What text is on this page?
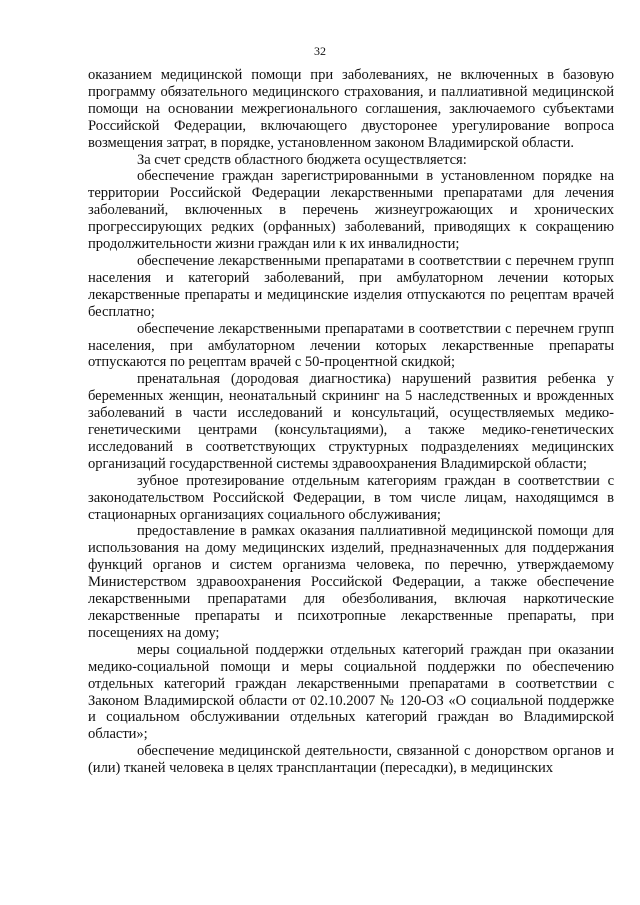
32

оказанием медицинской помощи при заболеваниях, не включенных в базовую программу обязательного медицинского страхования, и паллиативной медицинской помощи на основании межрегионального соглашения, заключаемого субъектами Российской Федерации, включающего двусторонее урегулирование вопроса возмещения затрат, в порядке, установленном законом Владимирской области.

За счет средств областного бюджета осуществляется:

обеспечение граждан зарегистрированными в установленном порядке на территории Российской Федерации лекарственными препаратами для лечения заболеваний, включенных в перечень жизнеугрожающих и хронических прогрессирующих редких (орфанных) заболеваний, приводящих к сокращению продолжительности жизни граждан или к их инвалидности;

обеспечение лекарственными препаратами в соответствии с перечнем групп населения и категорий заболеваний, при амбулаторном лечении которых лекарственные препараты и медицинские изделия отпускаются по рецептам врачей бесплатно;

обеспечение лекарственными препаратами в соответствии с перечнем групп населения, при амбулаторном лечении которых лекарственные препараты отпускаются по рецептам врачей с 50-процентной скидкой;

пренатальная (дородовая диагностика) нарушений развития ребенка у беременных женщин, неонатальный скрининг на 5 наследственных и врожденных заболеваний в части исследований и консультаций, осуществляемых медико-генетическими центрами (консультациями), а также медико-генетических исследований в соответствующих структурных подразделениях медицинских организаций государственной системы здравоохранения Владимирской области;

зубное протезирование отдельным категориям граждан в соответствии с законодательством Российской Федерации, в том числе лицам, находящимся в стационарных организациях социального обслуживания;

предоставление в рамках оказания паллиативной медицинской помощи для использования на дому медицинских изделий, предназначенных для поддержания функций органов и систем организма человека, по перечню, утверждаемому Министерством здравоохранения Российской Федерации, а также обеспечение лекарственными препаратами для обезболивания, включая наркотические лекарственные препараты и психотропные лекарственные препараты, при посещениях на дому;

меры социальной поддержки отдельных категорий граждан при оказании медико-социальной помощи и меры социальной поддержки по обеспечению отдельных категорий граждан лекарственными препаратами в соответствии с Законом Владимирской области от 02.10.2007 № 120-ОЗ «О социальной поддержке и социальном обслуживании отдельных категорий граждан во Владимирской области»;

обеспечение медицинской деятельности, связанной с донорством органов и (или) тканей человека в целях трансплантации (пересадки), в медицинских
